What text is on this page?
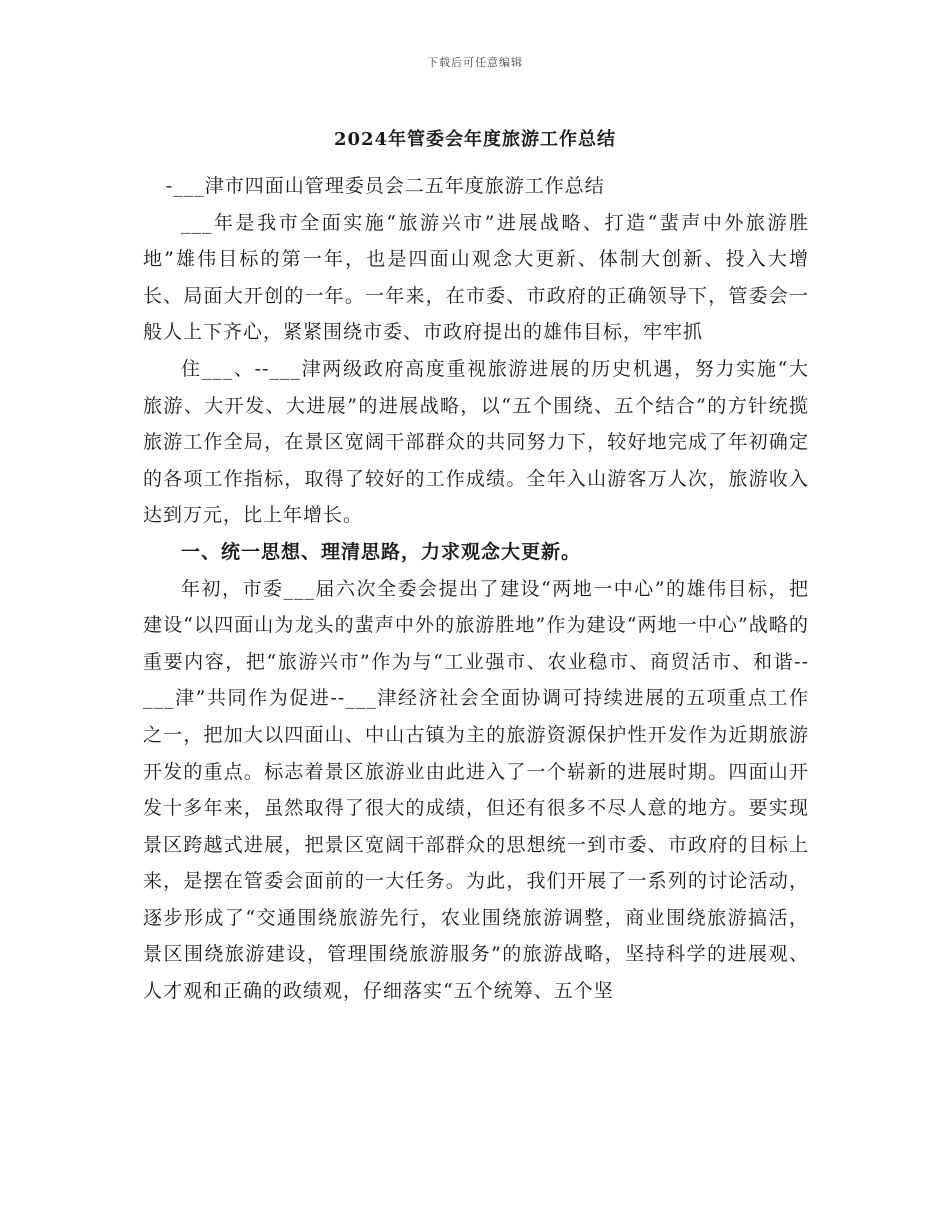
下载后可任意编辑
2024年管委会年度旅游工作总结

-___津市四面山管理委员会二五年度旅游工作总结

___年是我市全面实施“旅游兴市”进展战略、打造“蜚声中外旅游胜地”雄伟目标的第一年，也是四面山观念大更新、体制大创新、投入大增长、局面大开创的一年。一年来，在市委、市政府的正确领导下，管委会一般人上下齐心，紧紧围绕市委、市政府提出的雄伟目标，牢牢抓

住___、--___津两级政府高度重视旅游进展的历史机遇，努力实施“大旅游、大开发、大进展”的进展战略，以“五个围绕、五个结合”的方针统揽旅游工作全局，在景区宽阔干部群众的共同努力下，较好地完成了年初确定的各项工作指标，取得了较好的工作成绩。全年入山游客万人次，旅游收入达到万元，比上年增长。

一、统一思想、理清思路，力求观念大更新。

年初，市委___届六次全委会提出了建设“两地一中心”的雄伟目标，把建设“以四面山为龙头的蜚声中外的旅游胜地”作为建设“两地一中心”战略的重要内容，把“旅游兴市”作为与“工业强市、农业稳市、商贸活市、和谐--___津”共同作为促进--___津经济社会全面协调可持续进展的五项重点工作之一，把加大以四面山、中山古镇为主的旅游资源保护性开发作为近期旅游开发的重点。标志着景区旅游业由此进入了一个崭新的进展时期。四面山开发十多年来，虽然取得了很大的成绩，但还有很多不尽人意的地方。要实现景区跨越式进展，把景区宽阔干部群众的思想统一到市委、市政府的目标上来，是摆在管委会面前的一大任务。为此，我们开展了一系列的讨论活动，逐步形成了“交通围绕旅游先行，农业围绕旅游调整，商业围绕旅游搞活，景区围绕旅游建设，管理围绕旅游服务”的旅游战略，坚持科学的进展观、人才观和正确的政绩观，仔细落实“五个统筹、五个坚
